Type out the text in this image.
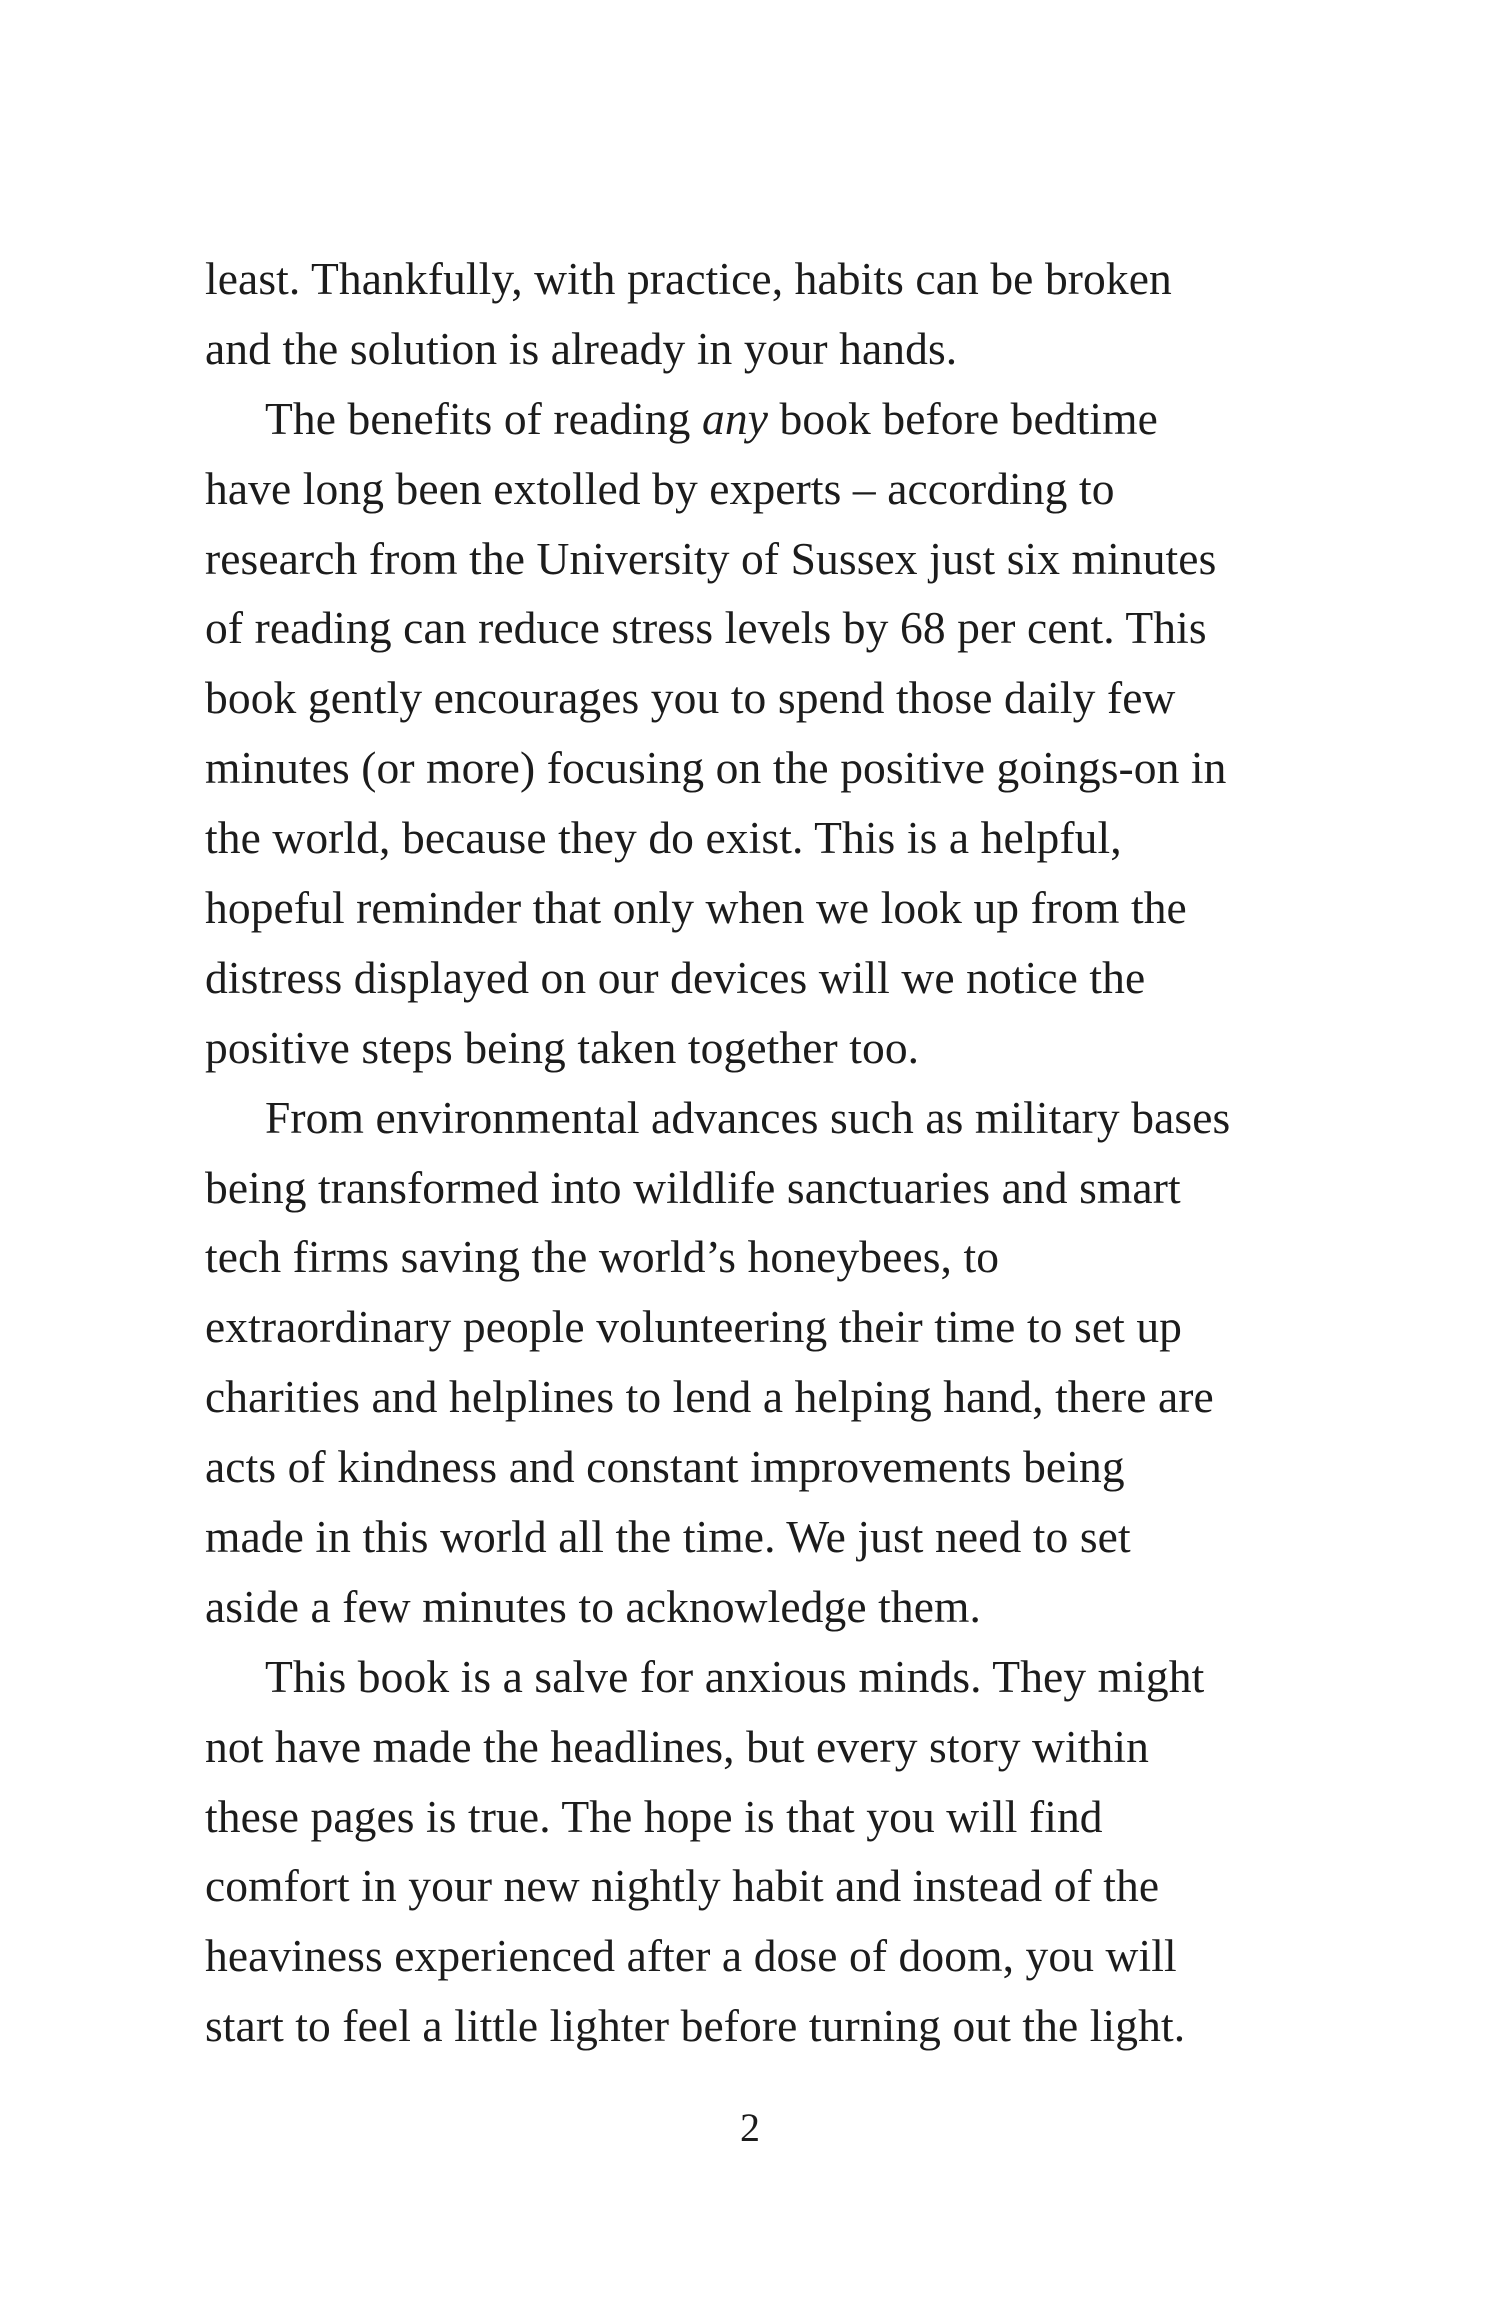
least. Thankfully, with practice, habits can be broken
and the solution is already in your hands.
The benefits of reading any book before bedtime
have long been extolled by experts – according to
research from the University of Sussex just six minutes
of reading can reduce stress levels by 68 per cent. This
book gently encourages you to spend those daily few
minutes (or more) focusing on the positive goings-on in
the world, because they do exist. This is a helpful,
hopeful reminder that only when we look up from the
distress displayed on our devices will we notice the
positive steps being taken together too.
From environmental advances such as military bases
being transformed into wildlife sanctuaries and smart
tech firms saving the world’s honeybees, to
extraordinary people volunteering their time to set up
charities and helplines to lend a helping hand, there are
acts of kindness and constant improvements being
made in this world all the time. We just need to set
aside a few minutes to acknowledge them.
This book is a salve for anxious minds. They might
not have made the headlines, but every story within
these pages is true. The hope is that you will find
comfort in your new nightly habit and instead of the
heaviness experienced after a dose of doom, you will
start to feel a little lighter before turning out the light.
2
